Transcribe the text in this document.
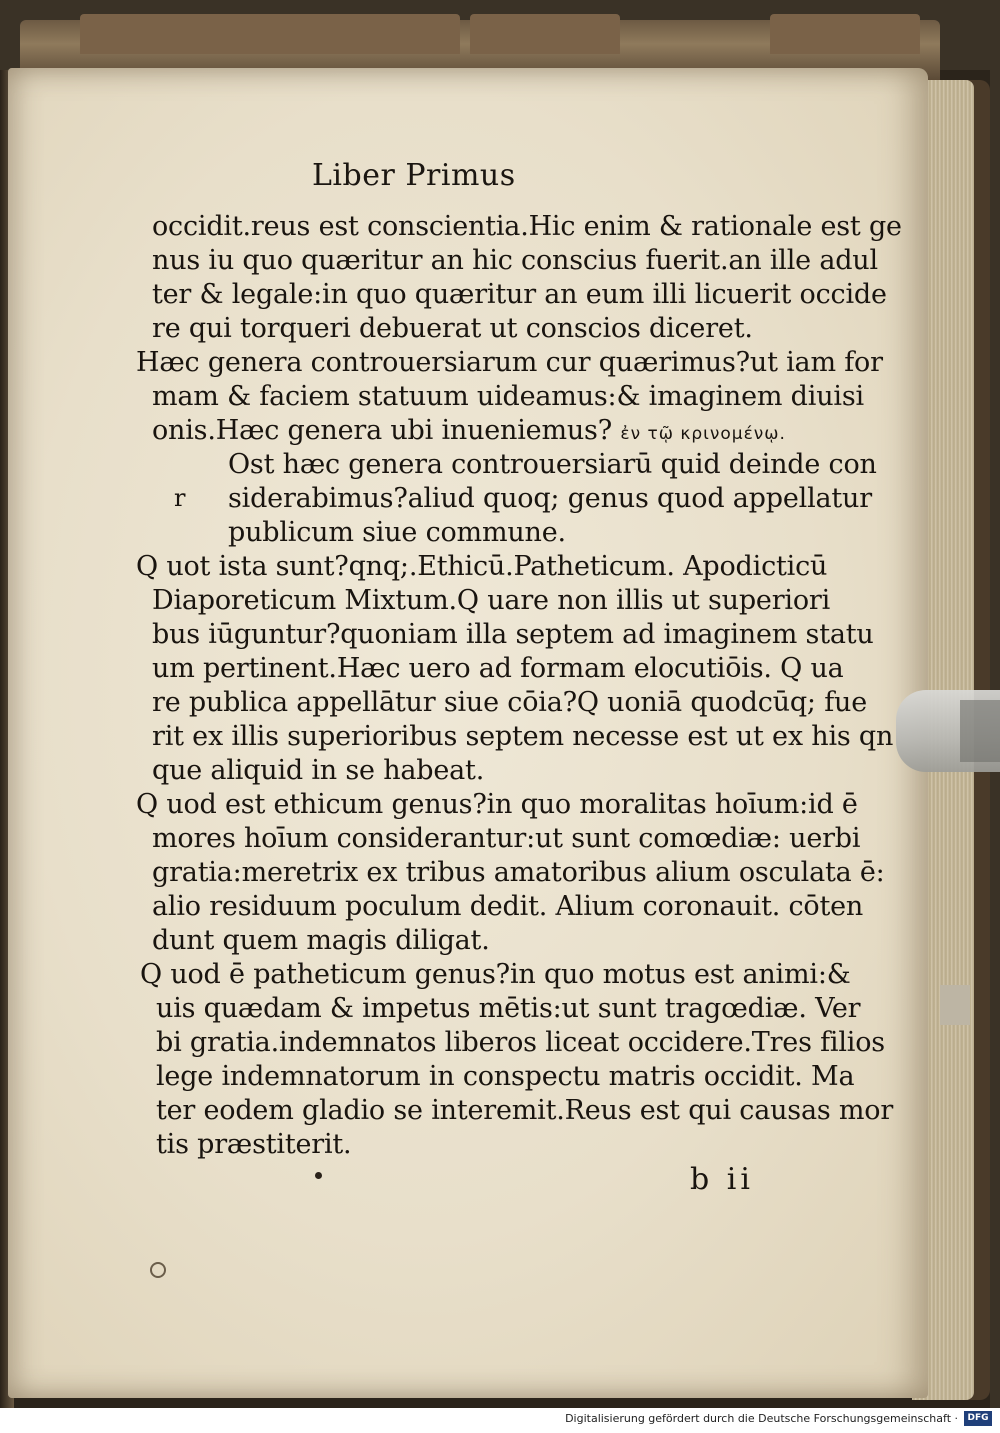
Liber Primus

occidit.reus est conscientia.Hic enim & rationale est ge

nus iu quo quæritur an hic conscius fuerit.an ille adul

ter & legale:in quo quæritur an eum illi licuerit occide

re qui torqueri debuerat ut conscios diceret.

Hæc genera controuersiarum cur quærimus?ut iam for

mam & faciem statuum uideamus:& imaginem diuisi

onis.Hæc genera ubi inueniemus? ἐν τῷ κρινομένῳ.

Ost hæc genera controuersiarū quid deinde con

r siderabimus?aliud quoq; genus quod appellatur

publicum siue commune.

Q uot ista sunt?qnq;.Ethicū.Patheticum. Apodicticū

Diaporeticum Mixtum.Q uare non illis ut superiori

bus iūguntur?quoniam illa septem ad imaginem statu

um pertinent.Hæc uero ad formam elocutiōis. Q ua

re publica appellātur siue cōia?Q uoniā quodcūq; fue

rit ex illis superioribus septem necesse est ut ex his qn

que aliquid in se habeat.

Q uod est ethicum genus?in quo moralitas hoīum:id ē

mores hoīum considerantur:ut sunt comœdiæ: uerbi

gratia:meretrix ex tribus amatoribus alium osculata ē:

alio residuum poculum dedit. Alium coronauit. cōten

dunt quem magis diligat.

Q uod ē patheticum genus?in quo motus est animi:&

uis quædam & impetus mētis:ut sunt tragœdiæ. Ver

bi gratia.indemnatos liberos liceat occidere.Tres filios

lege indemnatorum in conspectu matris occidit. Ma

ter eodem gladio se interemit.Reus est qui causas mor

tis præstiterit.

b ii

Digitalisierung gefördert durch die Deutsche Forschungsgemeinschaft ·	DFG
